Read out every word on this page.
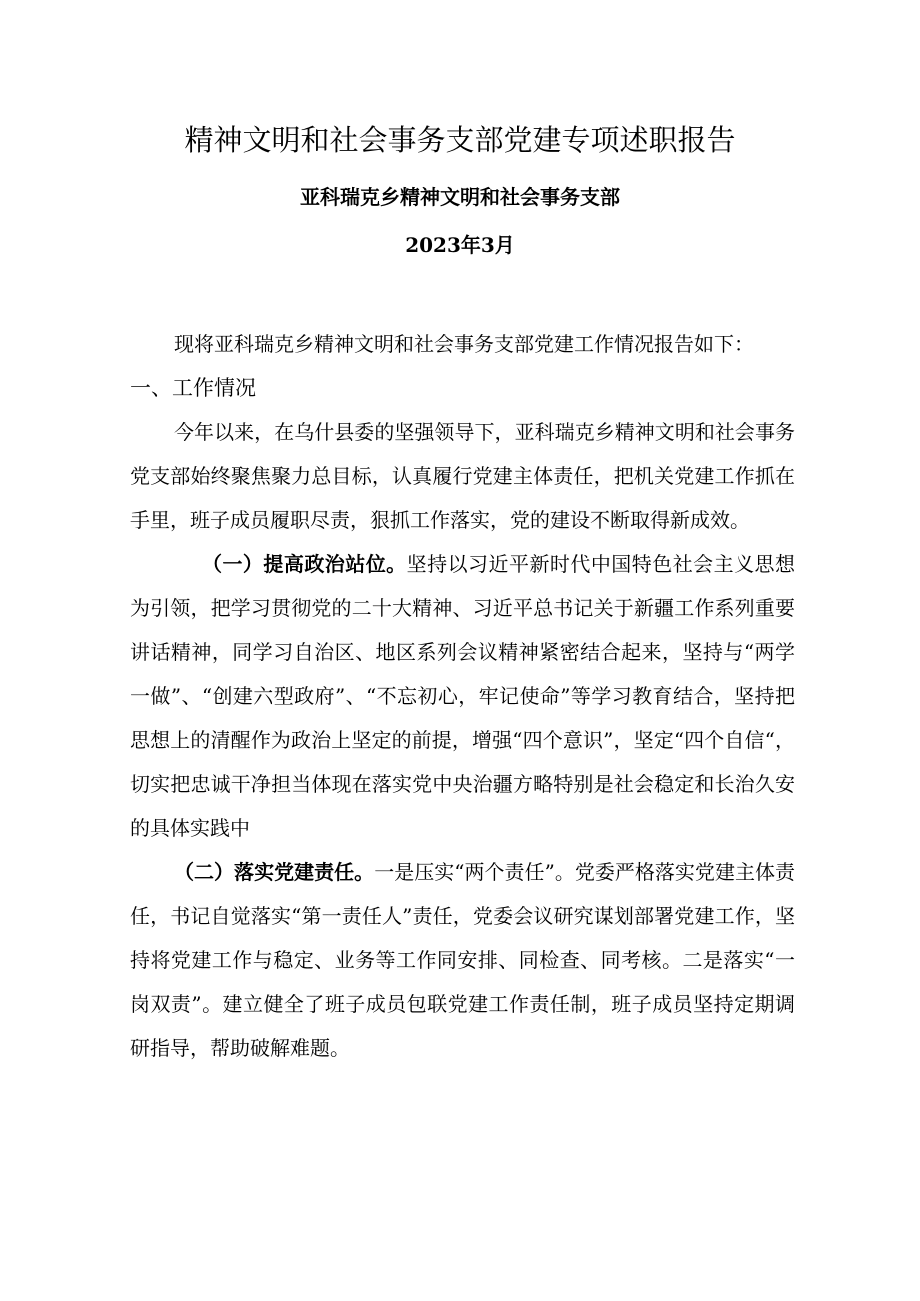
精神文明和社会事务支部党建专项述职报告
亚科瑞克乡精神文明和社会事务支部
2023年3月

现将亚科瑞克乡精神文明和社会事务支部党建工作情况报告如下：

一、工作情况

今年以来，在乌什县委的坚强领导下，亚科瑞克乡精神文明和社会事务党支部始终聚焦聚力总目标，认真履行党建主体责任，把机关党建工作抓在手里，班子成员履职尽责，狠抓工作落实，党的建设不断取得新成效。

（一）提高政治站位。坚持以习近平新时代中国特色社会主义思想为引领，把学习贯彻党的二十大精神、习近平总书记关于新疆工作系列重要讲话精神，同学习自治区、地区系列会议精神紧密结合起来，坚持与“两学一做”、“创建六型政府”、“不忘初心，牢记使命”等学习教育结合，坚持把思想上的清醒作为政治上坚定的前提，增强“四个意识”，坚定“四个自信“，切实把忠诚干净担当体现在落实党中央治疆方略特别是社会稳定和长治久安的具体实践中

（二）落实党建责任。一是压实“两个责任”。党委严格落实党建主体责任，书记自觉落实“第一责任人”责任，党委会议研究谋划部署党建工作，坚持将党建工作与稳定、业务等工作同安排、同检查、同考核。二是落实“一岗双责”。建立健全了班子成员包联党建工作责任制，班子成员坚持定期调研指导，帮助破解难题。
